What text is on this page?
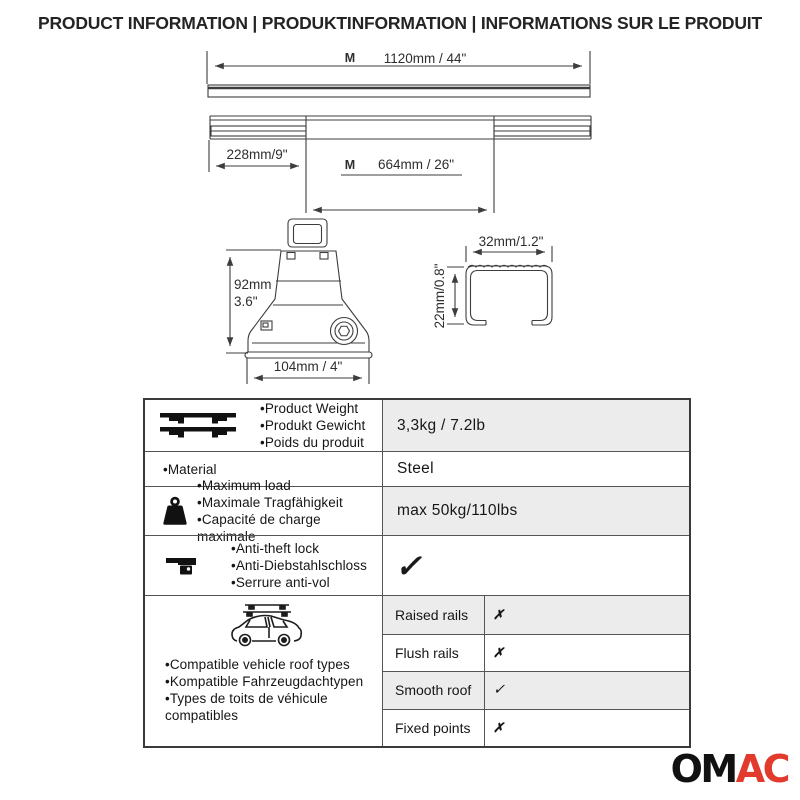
PRODUCT INFORMATION | PRODUKTINFORMATION | INFORMATIONS SUR LE PRODUIT
M 1120mm / 44"
228mm/9"
M 664mm / 26"
92mm
3.6"
104mm / 4"
32mm/1.2"
22mm/0.8"
•Product Weight
•Produkt Gewicht
•Poids du produit
3,3kg / 7.2lb
•Material	Steel
•Maximum load
•Maximale Tragfähigkeit
•Capacité de charge maximale
max 50kg/110lbs
•Anti-theft lock
•Anti-Diebstahlschloss
•Serrure anti-vol	✓
•Compatible vehicle roof types
•Kompatible Fahrzeugdachtypen
•Types de toits de véhicule compatibles
Raised rails	✗
Flush rails	✗
Smooth roof	✓
Fixed points	✗
OMAC
